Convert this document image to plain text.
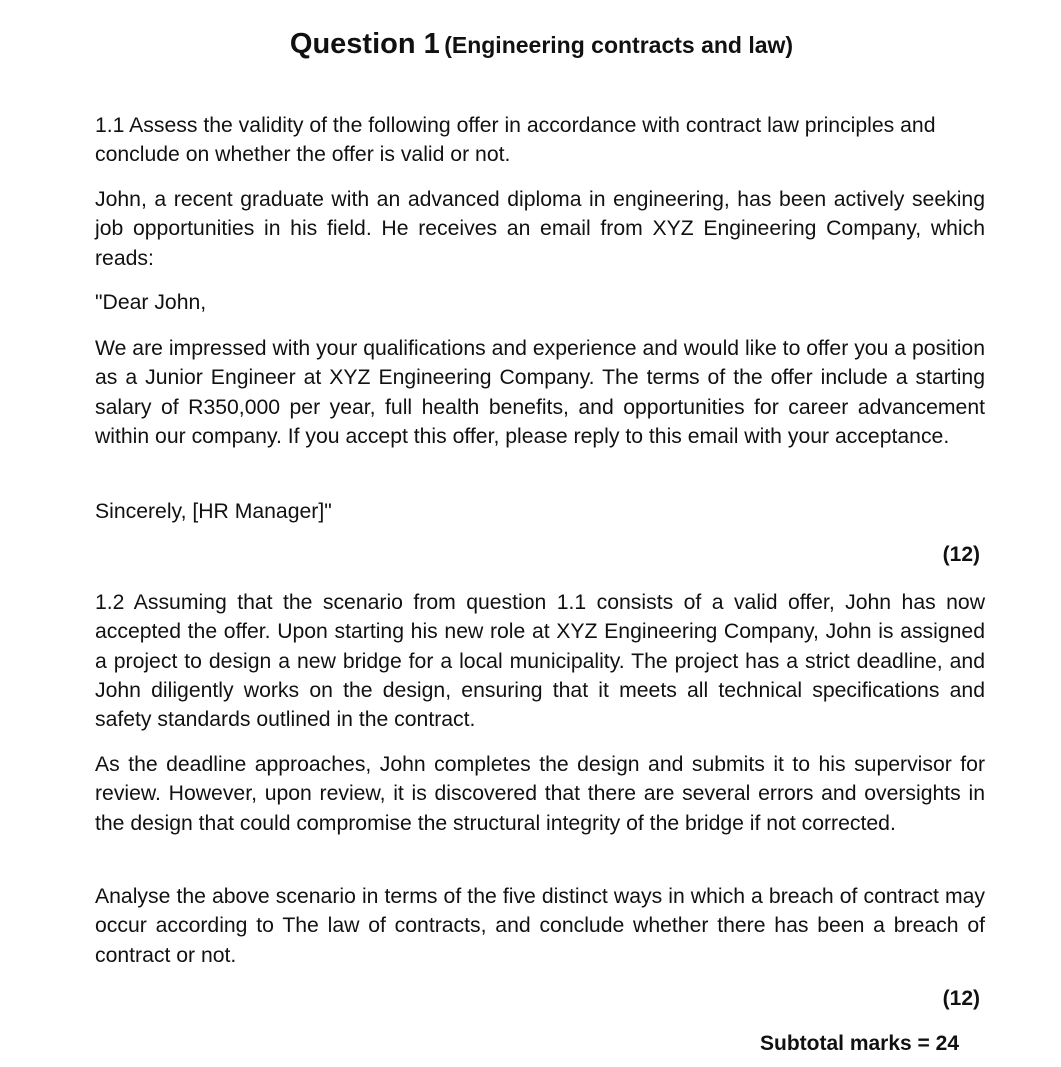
Question 1 (Engineering contracts and law)

1.1 Assess the validity of the following offer in accordance with contract law principles and conclude on whether the offer is valid or not.

John, a recent graduate with an advanced diploma in engineering, has been actively seeking job opportunities in his field. He receives an email from XYZ Engineering Company, which reads:

"Dear John,

We are impressed with your qualifications and experience and would like to offer you a position as a Junior Engineer at XYZ Engineering Company. The terms of the offer include a starting salary of R350,000 per year, full health benefits, and opportunities for career advancement within our company. If you accept this offer, please reply to this email with your acceptance.

Sincerely, [HR Manager]"

(12)

1.2 Assuming that the scenario from question 1.1 consists of a valid offer, John has now accepted the offer. Upon starting his new role at XYZ Engineering Company, John is assigned a project to design a new bridge for a local municipality. The project has a strict deadline, and John diligently works on the design, ensuring that it meets all technical specifications and safety standards outlined in the contract.

As the deadline approaches, John completes the design and submits it to his supervisor for review. However, upon review, it is discovered that there are several errors and oversights in the design that could compromise the structural integrity of the bridge if not corrected.

Analyse the above scenario in terms of the five distinct ways in which a breach of contract may occur according to The law of contracts, and conclude whether there has been a breach of contract or not.

(12)
Subtotal marks = 24
